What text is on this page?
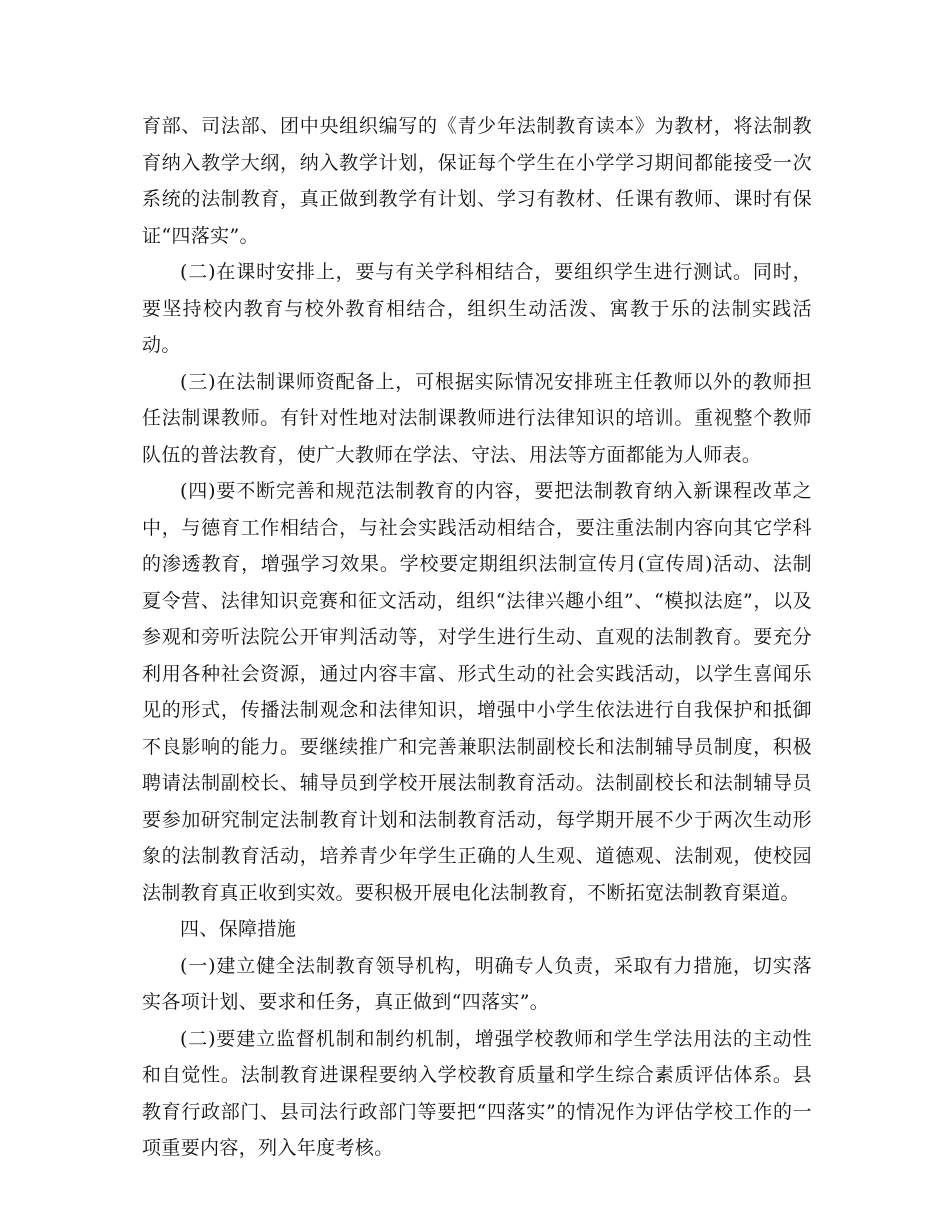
育部、司法部、团中央组织编写的《青少年法制教育读本》为教材，将法制教育纳入教学大纲，纳入教学计划，保证每个学生在小学学习期间都能接受一次系统的法制教育，真正做到教学有计划、学习有教材、任课有教师、课时有保证“四落实”。

(二)在课时安排上，要与有关学科相结合，要组织学生进行测试。同时，要坚持校内教育与校外教育相结合，组织生动活泼、寓教于乐的法制实践活动。

(三)在法制课师资配备上，可根据实际情况安排班主任教师以外的教师担任法制课教师。有针对性地对法制课教师进行法律知识的培训。重视整个教师队伍的普法教育，使广大教师在学法、守法、用法等方面都能为人师表。

(四)要不断完善和规范法制教育的内容，要把法制教育纳入新课程改革之中，与德育工作相结合，与社会实践活动相结合，要注重法制内容向其它学科的渗透教育，增强学习效果。学校要定期组织法制宣传月(宣传周)活动、法制夏令营、法律知识竞赛和征文活动，组织“法律兴趣小组”、“模拟法庭”，以及参观和旁听法院公开审判活动等，对学生进行生动、直观的法制教育。要充分利用各种社会资源，通过内容丰富、形式生动的社会实践活动，以学生喜闻乐见的形式，传播法制观念和法律知识，增强中小学生依法进行自我保护和抵御不良影响的能力。要继续推广和完善兼职法制副校长和法制辅导员制度，积极聘请法制副校长、辅导员到学校开展法制教育活动。法制副校长和法制辅导员要参加研究制定法制教育计划和法制教育活动，每学期开展不少于两次生动形象的法制教育活动，培养青少年学生正确的人生观、道德观、法制观，使校园法制教育真正收到实效。要积极开展电化法制教育，不断拓宽法制教育渠道。

四、保障措施

(一)建立健全法制教育领导机构，明确专人负责，采取有力措施，切实落实各项计划、要求和任务，真正做到“四落实”。

(二)要建立监督机制和制约机制，增强学校教师和学生学法用法的主动性和自觉性。法制教育进课程要纳入学校教育质量和学生综合素质评估体系。县教育行政部门、县司法行政部门等要把“四落实”的情况作为评估学校工作的一项重要内容，列入年度考核。
